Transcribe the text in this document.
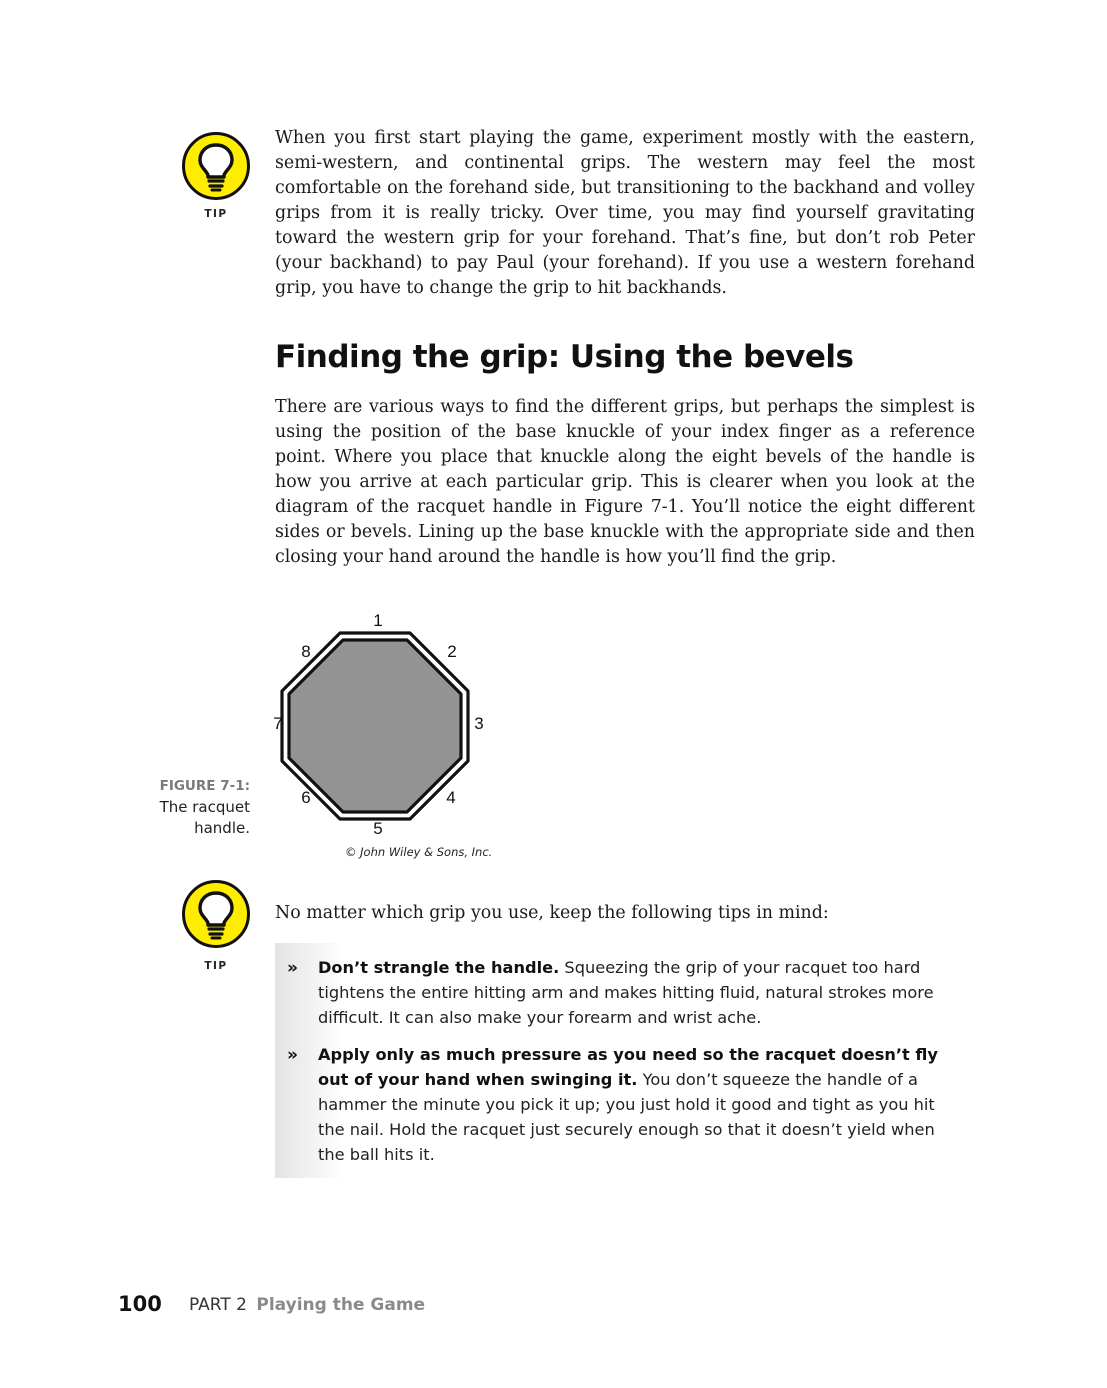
TIP

When you first start playing the game, experiment mostly with the eastern, semi-western, and continental grips. The western may feel the most comfortable on the forehand side, but transitioning to the backhand and volley grips from it is really tricky. Over time, you may find yourself gravitating toward the western grip for your forehand. That’s fine, but don’t rob Peter (your backhand) to pay Paul (your forehand). If you use a western forehand grip, you have to change the grip to hit backhands.

Finding the grip: Using the bevels

There are various ways to find the different grips, but perhaps the simplest is using the position of the base knuckle of your index finger as a reference point. Where you place that knuckle along the eight bevels of the handle is how you arrive at each particular grip. This is clearer when you look at the diagram of the racquet handle in Figure 7-1. You’ll notice the eight different sides or bevels. Lining up the base knuckle with the appropriate side and then closing your hand around the handle is how you’ll find the grip.

FIGURE 7-1:
The racquet
handle.
1
2
3
4
5
6
7
8
© John Wiley & Sons, Inc.
TIP

No matter which grip you use, keep the following tips in mind:

» Don’t strangle the handle. Squeezing the grip of your racquet too hard tightens the entire hitting arm and makes hitting fluid, natural strokes more difficult. It can also make your forearm and wrist ache.
» Apply only as much pressure as you need so the racquet doesn’t fly out of your hand when swinging it. You don’t squeeze the handle of a hammer the minute you pick it up; you just hold it good and tight as you hit the nail. Hold the racquet just securely enough so that it doesn’t yield when the ball hits it.
100 PART 2 Playing the Game
